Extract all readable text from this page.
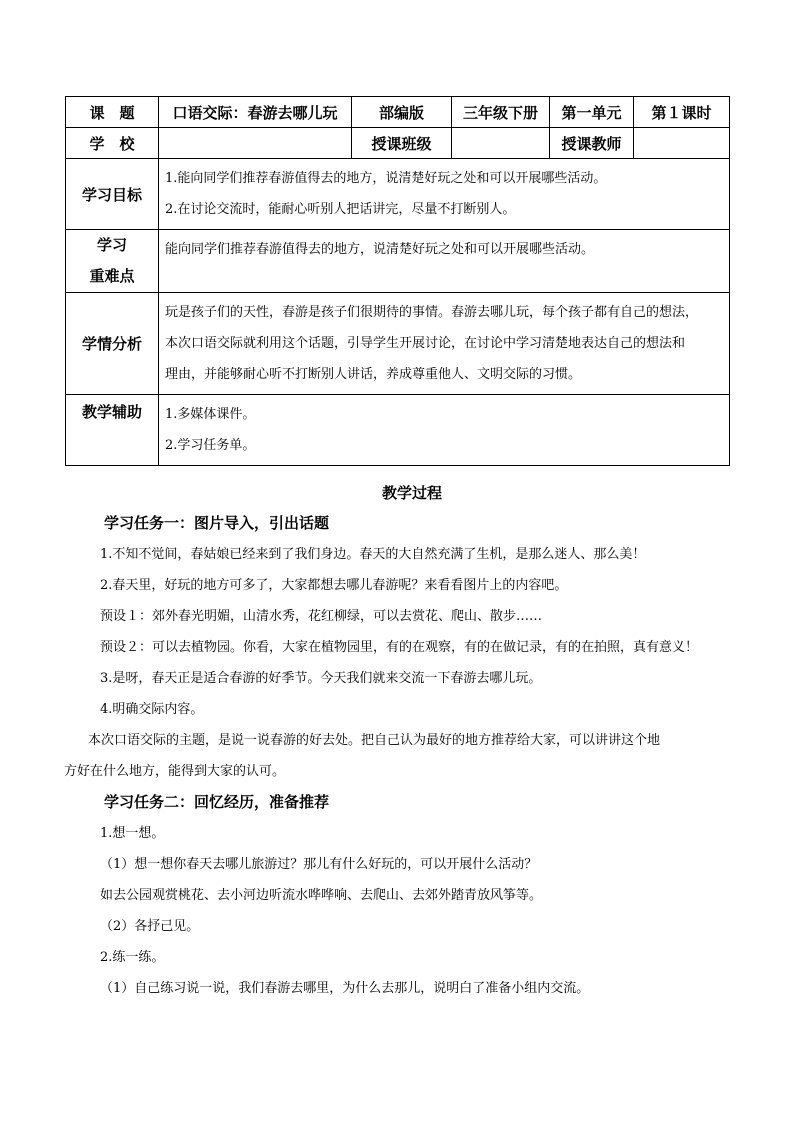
课　题	口语交际：春游去哪儿玩	部编版	三年级下册	第一单元	第１课时
学　校		授课班级		授课教师	
学习目标	1.能向同学们推荐春游值得去的地方，说清楚好玩之处和可以开展哪些活动。
2.在讨论交流时，能耐心听别人把话讲完，尽量不打断别人。				

学习
重难点	能向同学们推荐春游值得去的地方，说清楚好玩之处和可以开展哪些活动。				
学情分析	玩是孩子们的天性，春游是孩子们很期待的事情。春游去哪儿玩，每个孩子都有自己的想法，
本次口语交际就利用这个话题，引导学生开展讨论，在讨论中学习清楚地表达自己的想法和
理由，并能够耐心听不打断别人讲话，养成尊重他人、文明交际的习惯。				

教学辅助	1.多媒体课件。
2.学习任务单。				

教学过程

学习任务一：图片导入，引出话题

1.不知不觉间，春姑娘已经来到了我们身边。春天的大自然充满了生机，是那么迷人、那么美！

2.春天里，好玩的地方可多了，大家都想去哪儿春游呢？来看看图片上的内容吧。

预设１：郊外春光明媚，山清水秀，花红柳绿，可以去赏花、爬山、散步……

预设２：可以去植物园。你看，大家在植物园里，有的在观察，有的在做记录，有的在拍照，真有意义！

3.是呀，春天正是适合春游的好季节。今天我们就来交流一下春游去哪儿玩。

4.明确交际内容。

本次口语交际的主题，是说一说春游的好去处。把自己认为最好的地方推荐给大家，可以讲讲这个地

方好在什么地方，能得到大家的认可。

学习任务二：回忆经历，准备推荐

1.想一想。

（1）想一想你春天去哪儿旅游过？那儿有什么好玩的，可以开展什么活动？

如去公园观赏桃花、去小河边听流水哗哗响、去爬山、去郊外踏青放风筝等。

（2）各抒己见。

2.练一练。

（1）自己练习说一说，我们春游去哪里，为什么去那儿，说明白了准备小组内交流。
